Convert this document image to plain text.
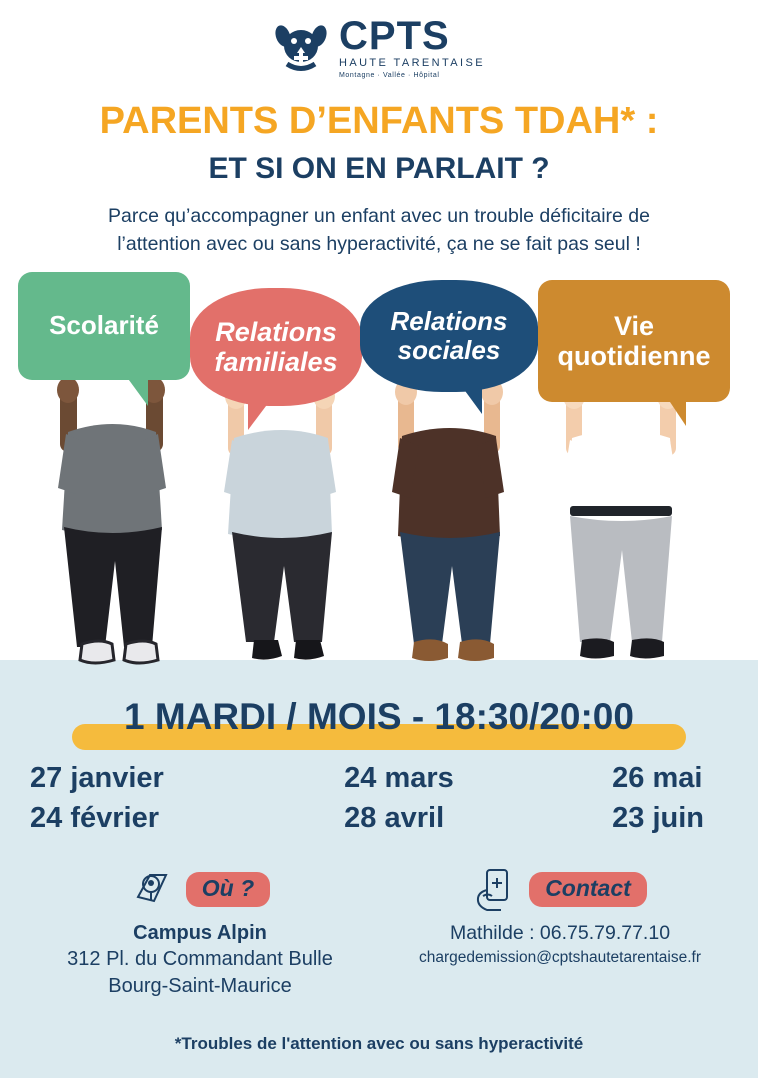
CPTS
HAUTE TARENTAISE
Montagne · Vallée · Hôpital
PARENTS D’ENFANTS TDAH* :
ET SI ON EN PARLAIT ?
Parce qu’accompagner un enfant avec un trouble déficitaire de
l’attention avec ou sans hyperactivité, ça ne se fait pas seul !
Scolarité	Relations familiales
Relations sociales
Vie quotidienne
1 MARDI / MOIS - 18:30/20:00
27 janvier
24 février
24 mars
28 avril
26 mai
23 juin
Où ?
Campus Alpin
312 Pl. du Commandant Bulle
Bourg-Saint-Maurice
Contact
Mathilde : 06.75.79.77.10
chargedemission@cptshautetarentaise.fr
*Troubles de l'attention avec ou sans hyperactivité
